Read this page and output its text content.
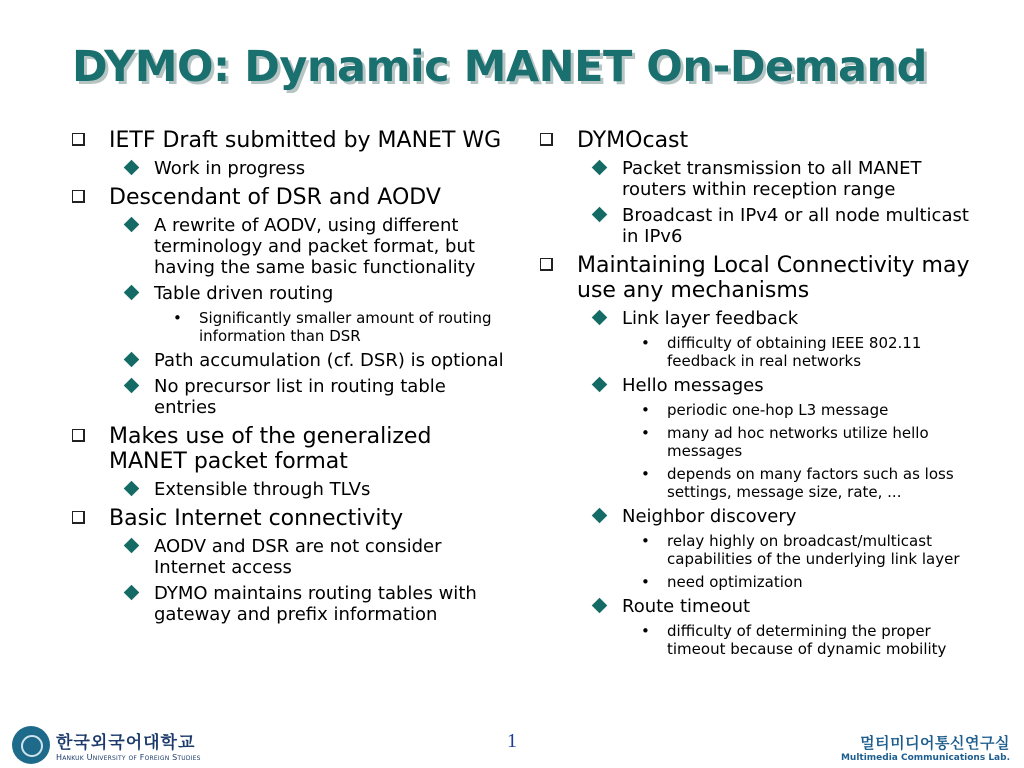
DYMO: Dynamic MANET On-Demand
IETF Draft submitted by MANET WG
Work in progress
Descendant of DSR and AODV
A rewrite of AODV, using different terminology and packet format, but having the same basic functionality
Table driven routing
• Significantly smaller amount of routing information than DSR
Path accumulation (cf. DSR) is optional
No precursor list in routing table entries
Makes use of the generalized MANET packet format
Extensible through TLVs
Basic Internet connectivity
AODV and DSR are not consider Internet access
DYMO maintains routing tables with gateway and prefix information
DYMOcast
Packet transmission to all MANET routers within reception range
Broadcast in IPv4 or all node multicast in IPv6
Maintaining Local Connectivity may use any mechanisms
Link layer feedback
• difficulty of obtaining IEEE 802.11 feedback in real networks
Hello messages
• periodic one-hop L3 message
• many ad hoc networks utilize hello messages
• depends on many factors such as loss settings, message size, rate, ...
Neighbor discovery
• relay highly on broadcast/multicast capabilities of the underlying link layer
• need optimization
Route timeout
• difficulty of determining the proper timeout because of dynamic mobility
한국외국어대학교
Hankuk University of Foreign Studies
1	멀티미디어통신연구실
Multimedia Communications Lab.
